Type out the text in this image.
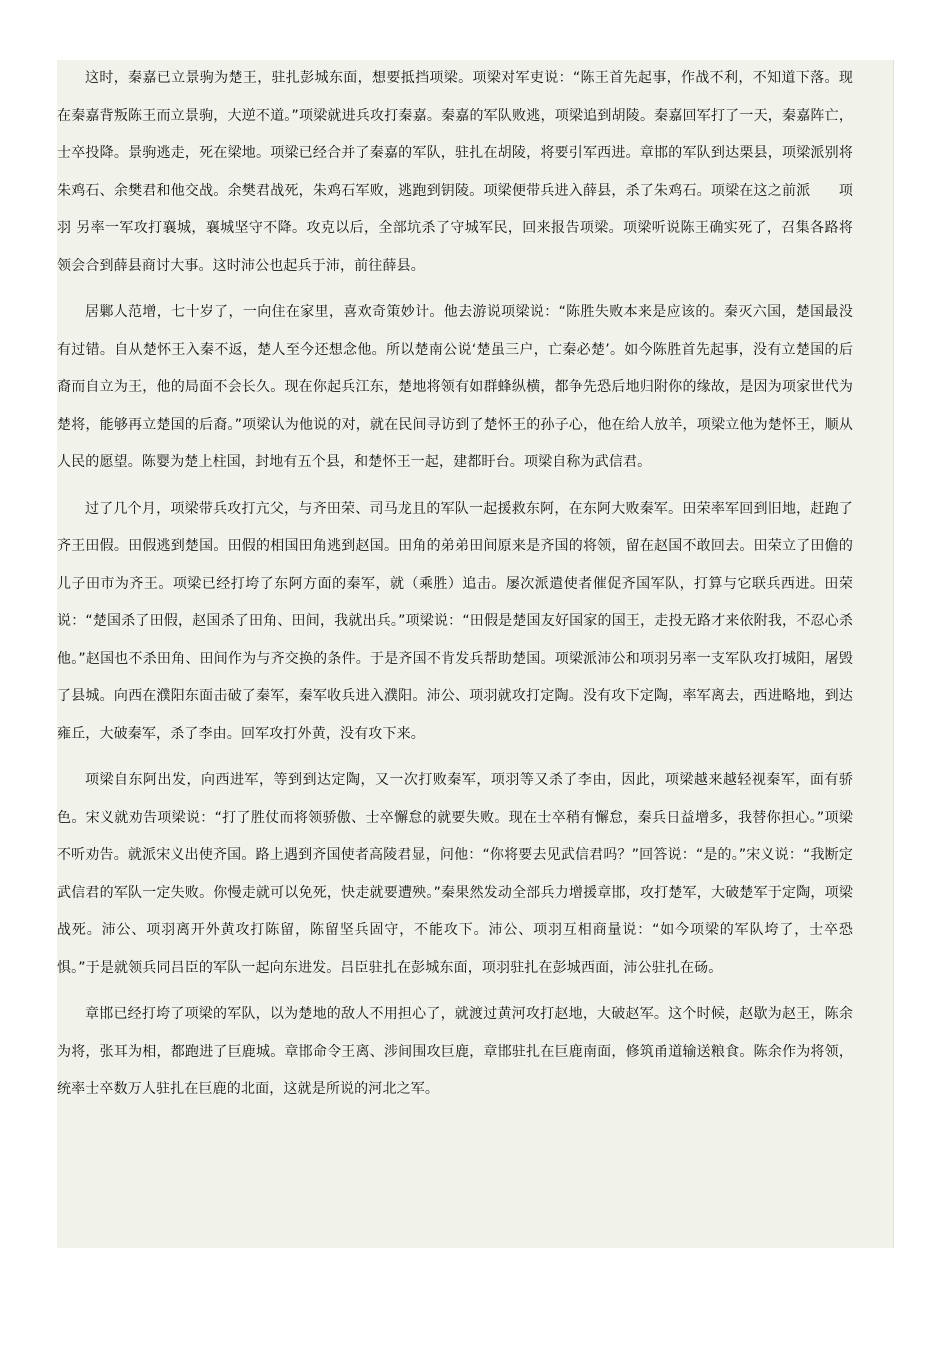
这时，秦嘉已立景驹为楚王，驻扎彭城东面，想要抵挡项梁。项梁对军吏说：“陈王首先起事，作战不利，不知道下落。现在秦嘉背叛陈王而立景驹，大逆不道。”项梁就进兵攻打秦嘉。秦嘉的军队败逃，项梁追到胡陵。秦嘉回军打了一天，秦嘉阵亡，士卒投降。景驹逃走，死在梁地。项梁已经合并了秦嘉的军队，驻扎在胡陵，将要引军西进。章邯的军队到达栗县，项梁派别将朱鸡石、余樊君和他交战。余樊君战死，朱鸡石军败，逃跑到钥陵。项梁便带兵进入薛县，杀了朱鸡石。项梁在这之前派　　项羽 另率一军攻打襄城，襄城坚守不降。攻克以后，全部坑杀了守城军民，回来报告项梁。项梁听说陈王确实死了，召集各路将领会合到薛县商讨大事。这时沛公也起兵于沛，前往薛县。

居鄛人范增，七十岁了，一向住在家里，喜欢奇策妙计。他去游说项梁说：“陈胜失败本来是应该的。秦灭六国，楚国最没有过错。自从楚怀王入秦不返，楚人至今还想念他。所以楚南公说‘楚虽三户，亡秦必楚’。如今陈胜首先起事，没有立楚国的后裔而自立为王，他的局面不会长久。现在你起兵江东，楚地将领有如群蜂纵横，都争先恐后地归附你的缘故，是因为项家世代为楚将，能够再立楚国的后裔。”项梁认为他说的对，就在民间寻访到了楚怀王的孙子心，他在给人放羊，项梁立他为楚怀王，顺从人民的愿望。陈婴为楚上柱国，封地有五个县，和楚怀王一起，建都盱台。项梁自称为武信君。

过了几个月，项梁带兵攻打亢父，与齐田荣、司马龙且的军队一起援救东阿，在东阿大败秦军。田荣率军回到旧地，赶跑了齐王田假。田假逃到楚国。田假的相国田角逃到赵国。田角的弟弟田间原来是齐国的将领，留在赵国不敢回去。田荣立了田儋的儿子田市为齐王。项梁已经打垮了东阿方面的秦军，就（乘胜）追击。屡次派遣使者催促齐国军队，打算与它联兵西进。田荣说：“楚国杀了田假，赵国杀了田角、田间，我就出兵。”项梁说：“田假是楚国友好国家的国王，走投无路才来依附我，不忍心杀他。”赵国也不杀田角、田间作为与齐交换的条件。于是齐国不肯发兵帮助楚国。项梁派沛公和项羽另率一支军队攻打城阳，屠毁了县城。向西在濮阳东面击破了秦军，秦军收兵进入濮阳。沛公、项羽就攻打定陶。没有攻下定陶，率军离去，西进略地，到达雍丘，大破秦军，杀了李由。回军攻打外黄，没有攻下来。

项梁自东阿出发，向西进军，等到到达定陶，又一次打败秦军，项羽等又杀了李由，因此，项梁越来越轻视秦军，面有骄色。宋义就劝告项梁说：“打了胜仗而将领骄傲、士卒懈怠的就要失败。现在士卒稍有懈怠，秦兵日益增多，我替你担心。”项梁不听劝告。就派宋义出使齐国。路上遇到齐国使者高陵君显，问他：“你将要去见武信君吗？”回答说：“是的。”宋义说：“我断定武信君的军队一定失败。你慢走就可以免死，快走就要遭殃。”秦果然发动全部兵力增援章邯，攻打楚军，大破楚军于定陶，项梁战死。沛公、项羽离开外黄攻打陈留，陈留坚兵固守，不能攻下。沛公、项羽互相商量说：“如今项梁的军队垮了，士卒恐惧。”于是就领兵同吕臣的军队一起向东进发。吕臣驻扎在彭城东面，项羽驻扎在彭城西面，沛公驻扎在砀。

章邯已经打垮了项梁的军队，以为楚地的敌人不用担心了，就渡过黄河攻打赵地，大破赵军。这个时候，赵歇为赵王，陈余为将，张耳为相，都跑进了巨鹿城。章邯命令王离、涉间围攻巨鹿，章邯驻扎在巨鹿南面，修筑甬道输送粮食。陈余作为将领，统率士卒数万人驻扎在巨鹿的北面，这就是所说的河北之军。
